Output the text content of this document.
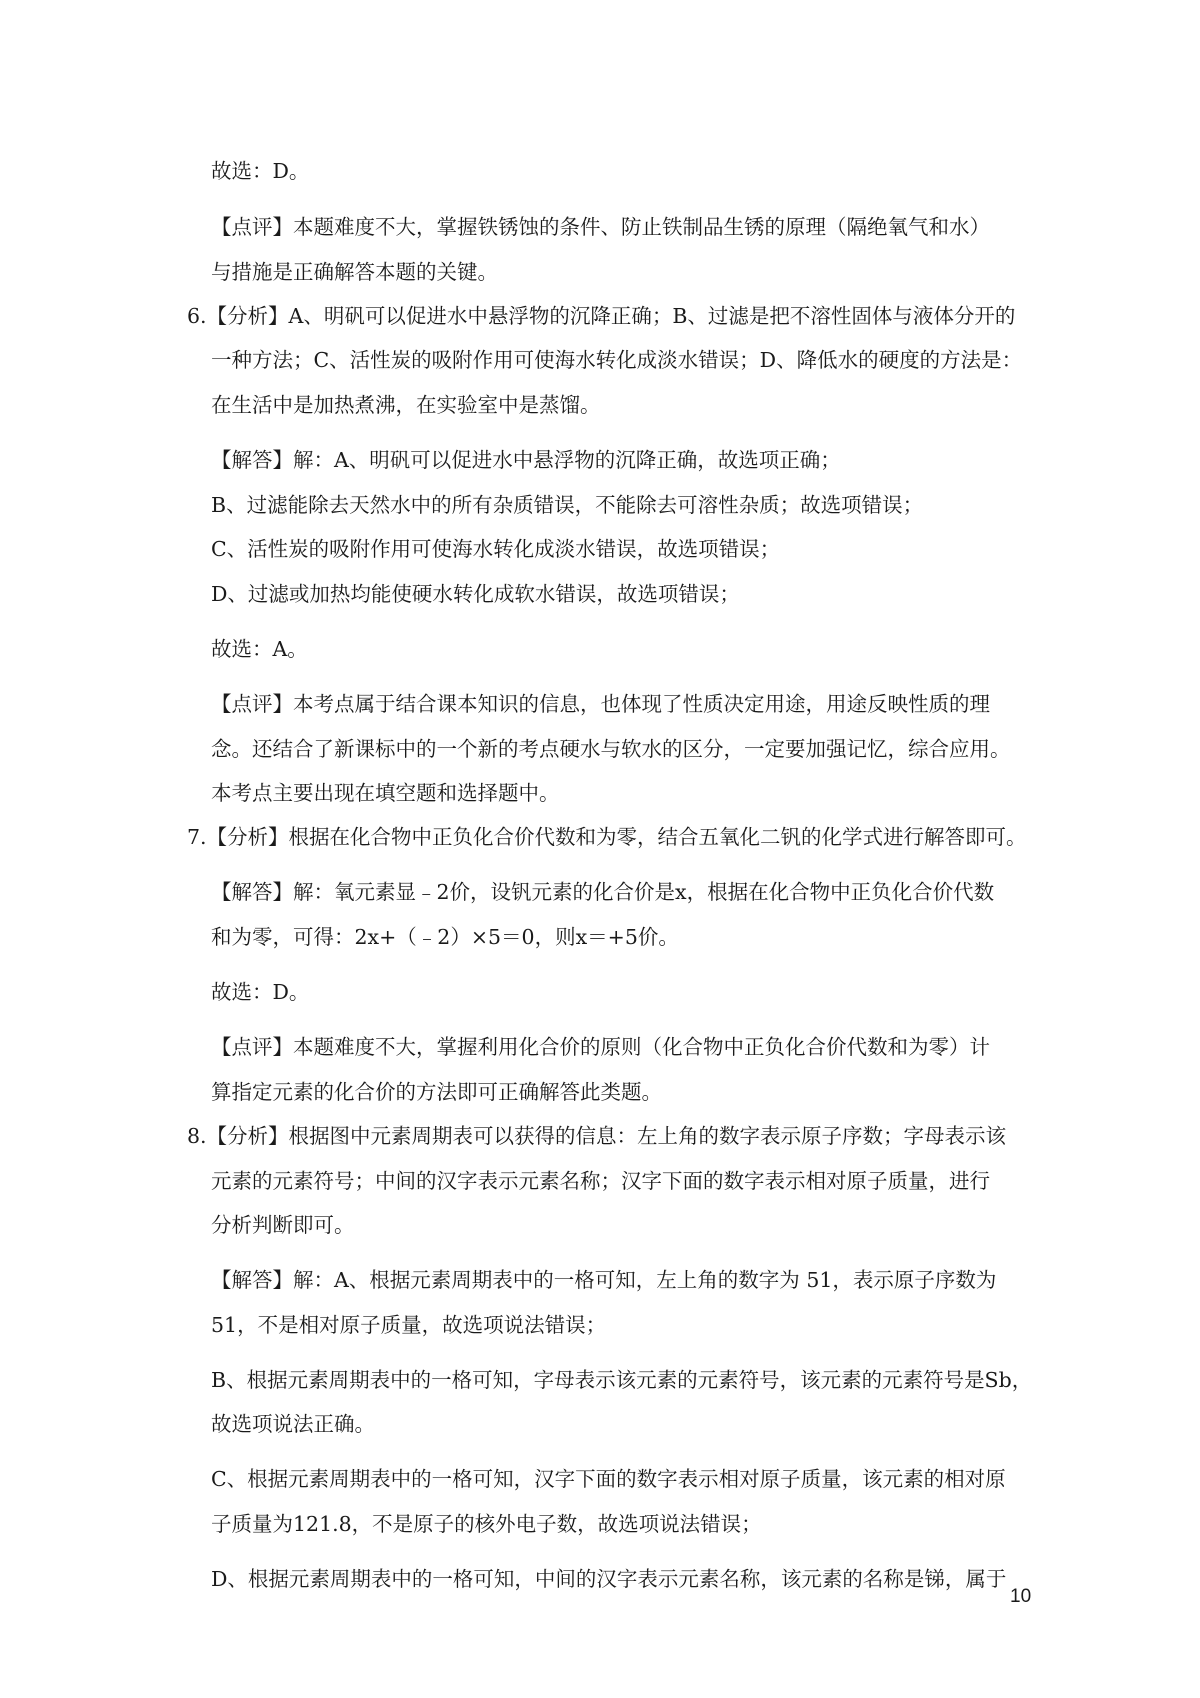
故选：D。
【点评】本题难度不大，掌握铁锈蚀的条件、防止铁制品生锈的原理（隔绝氧气和水）
与措施是正确解答本题的关键。
6.【分析】A、明矾可以促进水中悬浮物的沉降正确；B、过滤是把不溶性固体与液体分开的
一种方法；C、活性炭的吸附作用可使海水转化成淡水错误；D、降低水的硬度的方法是：
在生活中是加热煮沸，在实验室中是蒸馏。
【解答】解：A、明矾可以促进水中悬浮物的沉降正确，故选项正确；
B、过滤能除去天然水中的所有杂质错误，不能除去可溶性杂质；故选项错误；
C、活性炭的吸附作用可使海水转化成淡水错误，故选项错误；
D、过滤或加热均能使硬水转化成软水错误，故选项错误；
故选：A。
【点评】本考点属于结合课本知识的信息，也体现了性质决定用途，用途反映性质的理
念。还结合了新课标中的一个新的考点硬水与软水的区分，一定要加强记忆，综合应用。
本考点主要出现在填空题和选择题中。
7.【分析】根据在化合物中正负化合价代数和为零，结合五氧化二钒的化学式进行解答即可。
【解答】解：氧元素显﹣2价，设钒元素的化合价是x，根据在化合物中正负化合价代数
和为零，可得：2x+（﹣2）×5＝0，则x＝+5价。
故选：D。
【点评】本题难度不大，掌握利用化合价的原则（化合物中正负化合价代数和为零）计
算指定元素的化合价的方法即可正确解答此类题。
8.【分析】根据图中元素周期表可以获得的信息：左上角的数字表示原子序数；字母表示该
元素的元素符号；中间的汉字表示元素名称；汉字下面的数字表示相对原子质量，进行
分析判断即可。
【解答】解：A、根据元素周期表中的一格可知，左上角的数字为 51，表示原子序数为
51，不是相对原子质量，故选项说法错误；
B、根据元素周期表中的一格可知，字母表示该元素的元素符号，该元素的元素符号是Sb，
故选项说法正确。
C、根据元素周期表中的一格可知，汉字下面的数字表示相对原子质量，该元素的相对原
子质量为121.8，不是原子的核外电子数，故选项说法错误；
D、根据元素周期表中的一格可知，中间的汉字表示元素名称，该元素的名称是锑，属于
10
